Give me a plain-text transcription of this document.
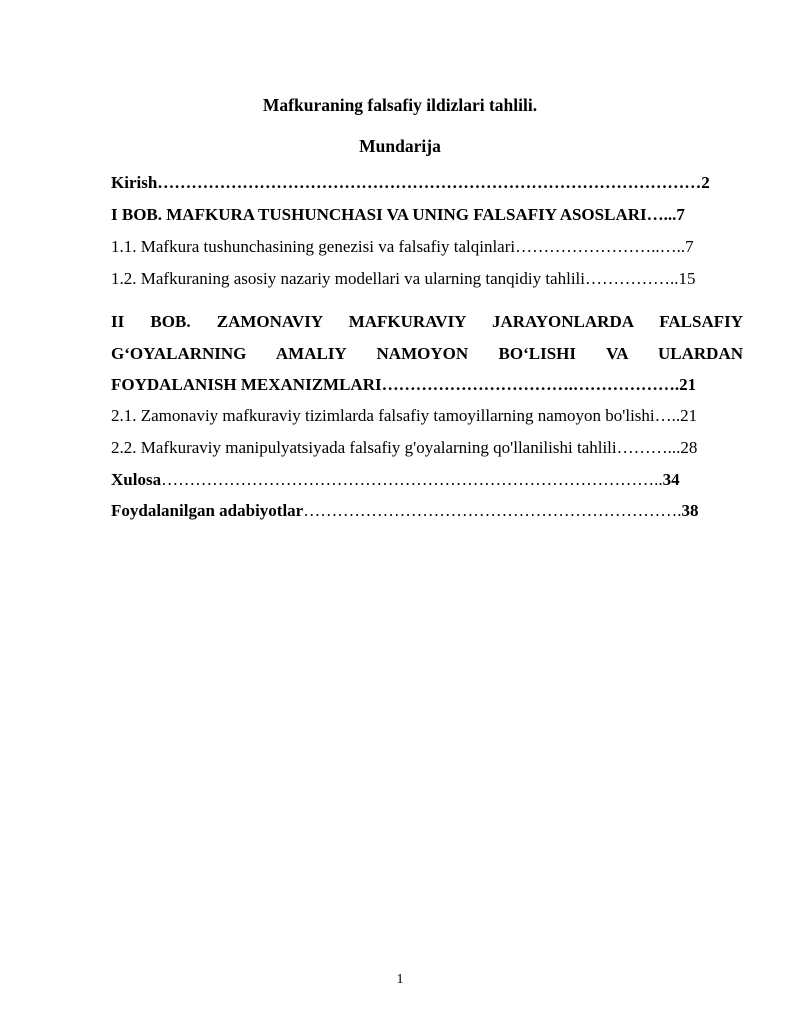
Mafkuraning falsafiy ildizlari tahlili.
Mundarija
Kirish……………………………………………………………………………………2
I BOB. MAFKURA TUSHUNCHASI VA UNING FALSAFIY ASOSLARI…...7
1.1. Mafkura tushunchasining genezisi va falsafiy talqinlari……………………..…..7
1.2. Mafkuraning asosiy nazariy modellari va ularning tanqidiy tahlili……………..15
II BOB. ZAMONAVIY MAFKURAVIY JARAYONLARDA FALSAFIY
G‘OYALARNING AMALIY NAMOYON BO‘LISHI VA ULARDAN
FOYDALANISH MEXANIZMLARI…………………………….……………….21
2.1. Zamonaviy mafkuraviy tizimlarda falsafiy tamoyillarning namoyon bo'lishi…..21
2.2. Mafkuraviy manipulyatsiyada falsafiy g'oyalarning qo'llanilishi tahlili………...28
Xulosa……………………………………………………………………………..34
Foydalanilgan adabiyotlar………………………………………………………….38
1
